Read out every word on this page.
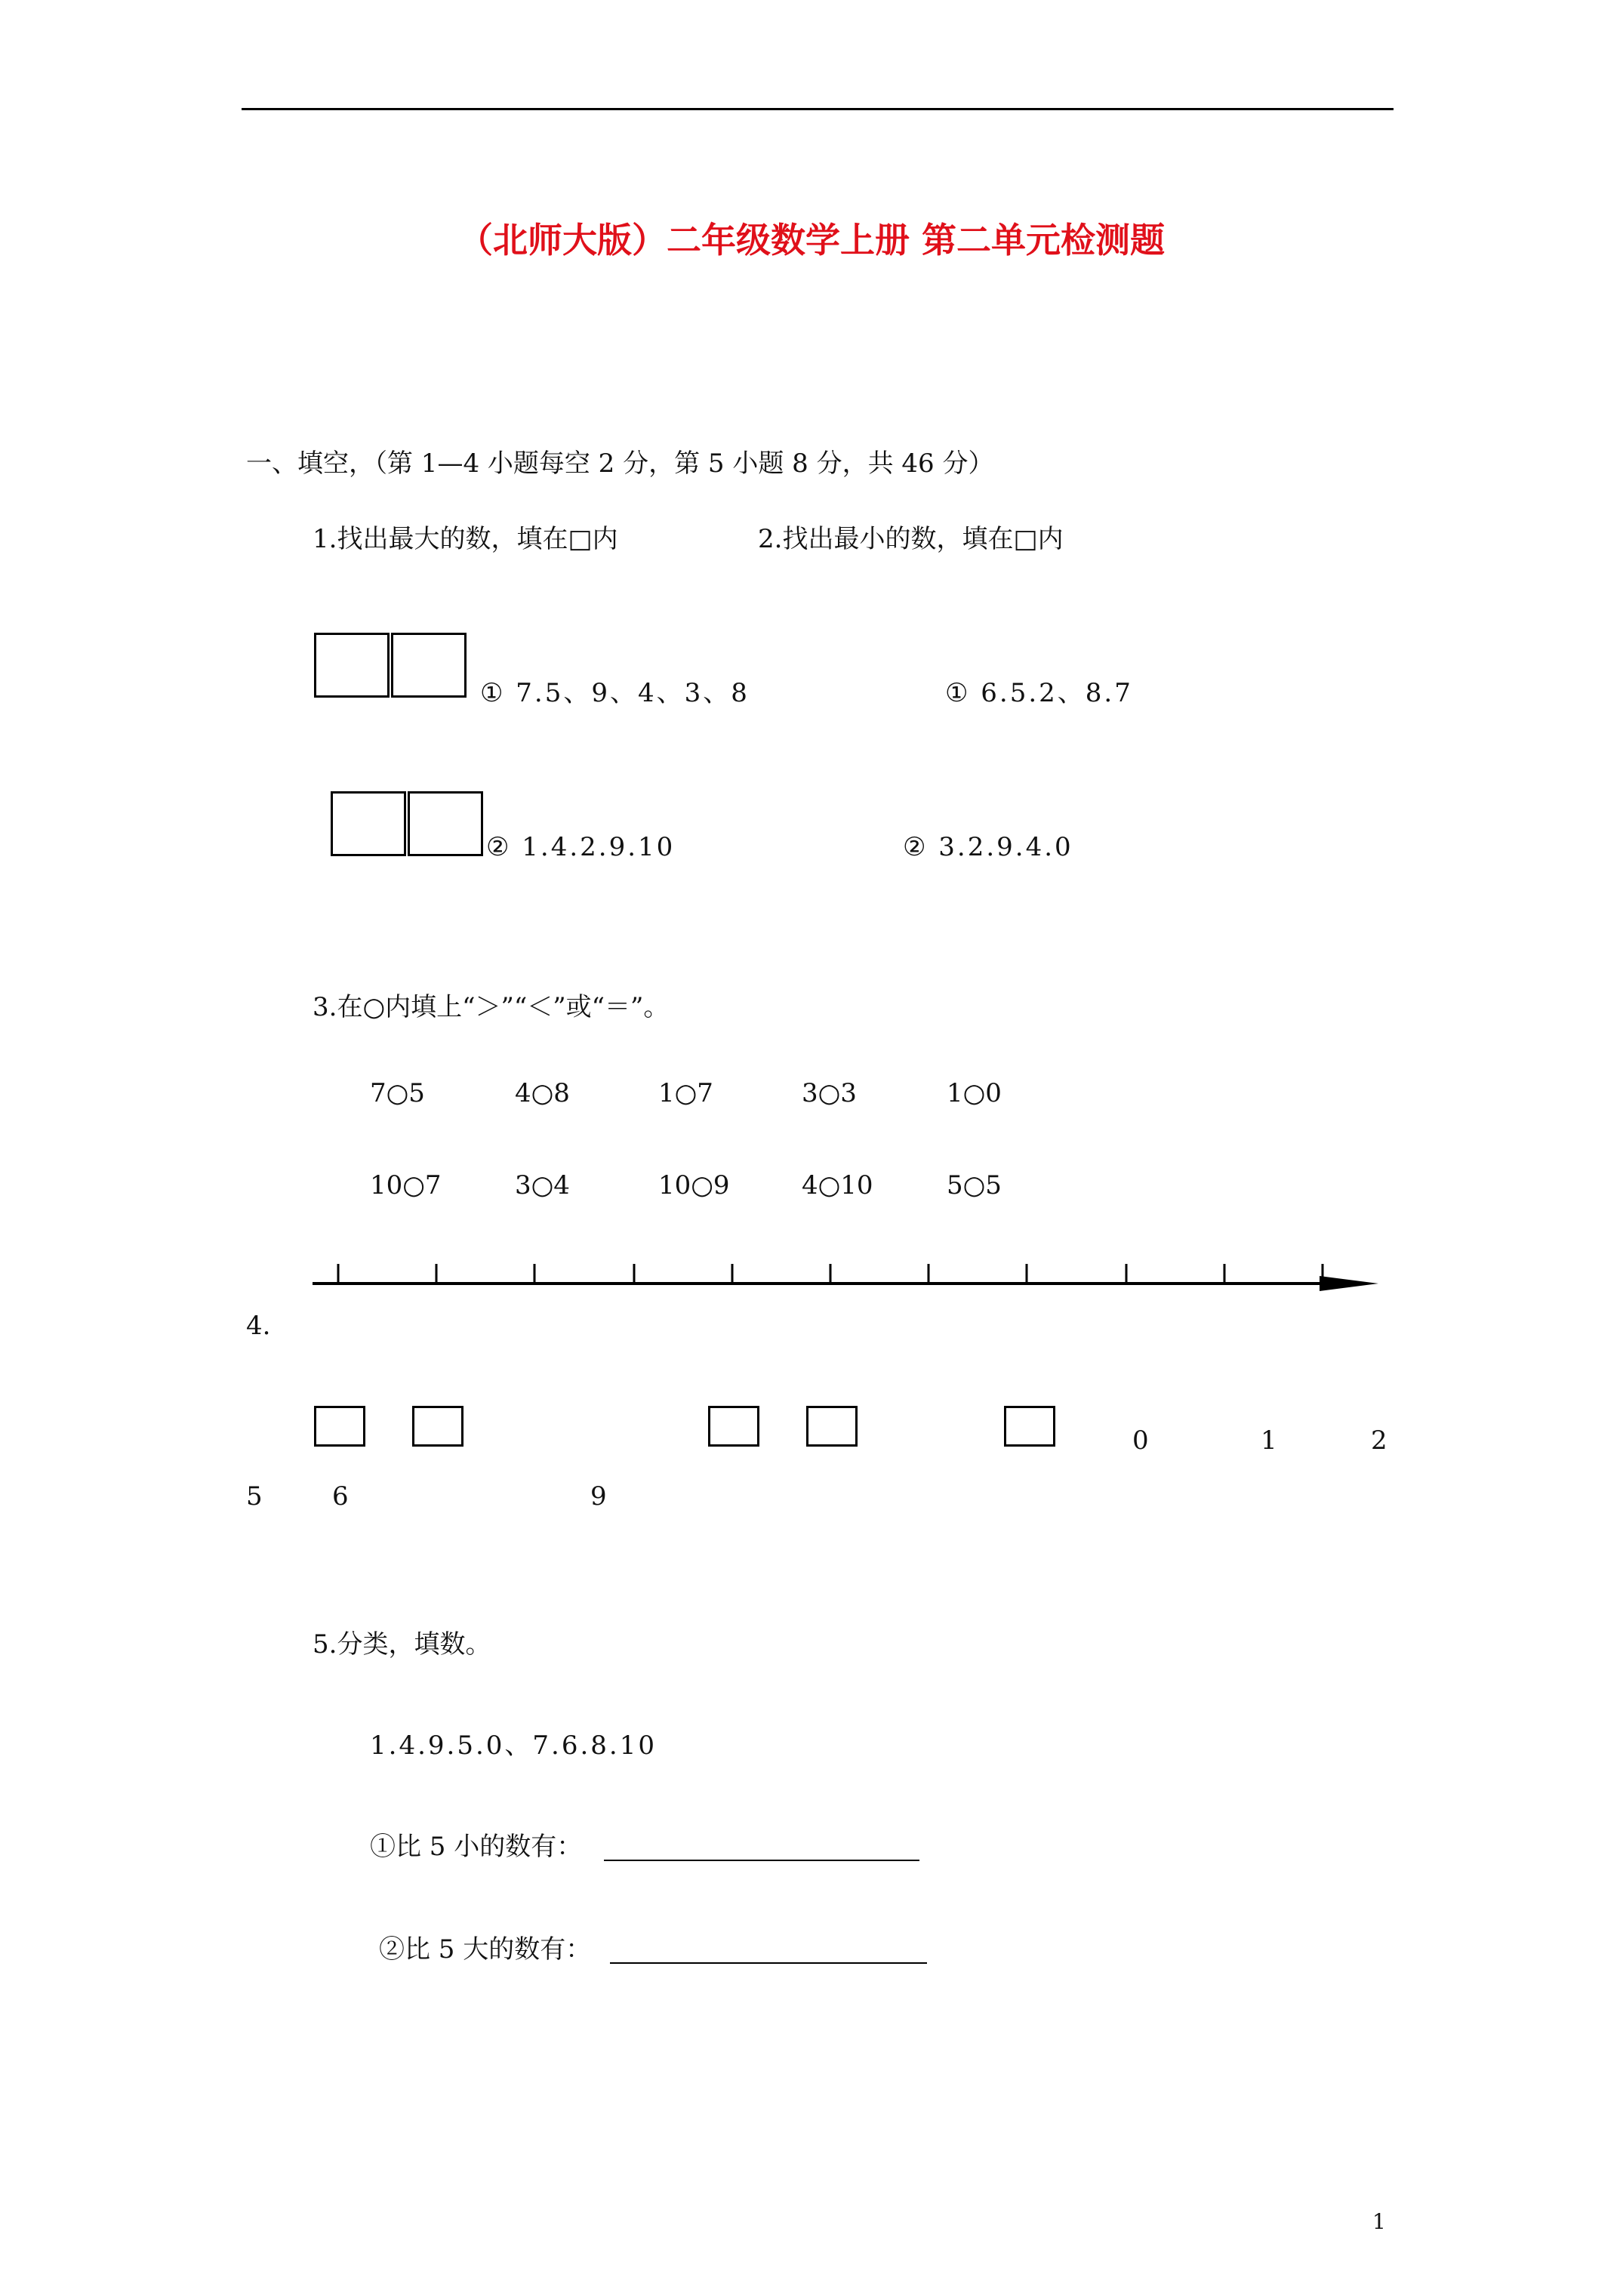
（北师大版）二年级数学上册 第二单元检测题
一、填空，（第 1—4 小题每空 2 分，第 5 小题 8 分，共 46 分）
1.找出最大的数，填在□内	2.找出最小的数，填在□内
① 7.5、9、4、3、8	① 6.5.2、8.7
② 1.4.2.9.10	② 3.2.9.4.0
3.在○内填上“＞”“＜”或“＝”。
7○5	4○8	1○7	3○3	1○0
10○7	3○4	10○9	4○10	5○5
4.
0	1	2
5	6	9
5.分类，填数。
1.4.9.5.0、7.6.8.10
①比 5 小的数有：
②比 5 大的数有：
1
